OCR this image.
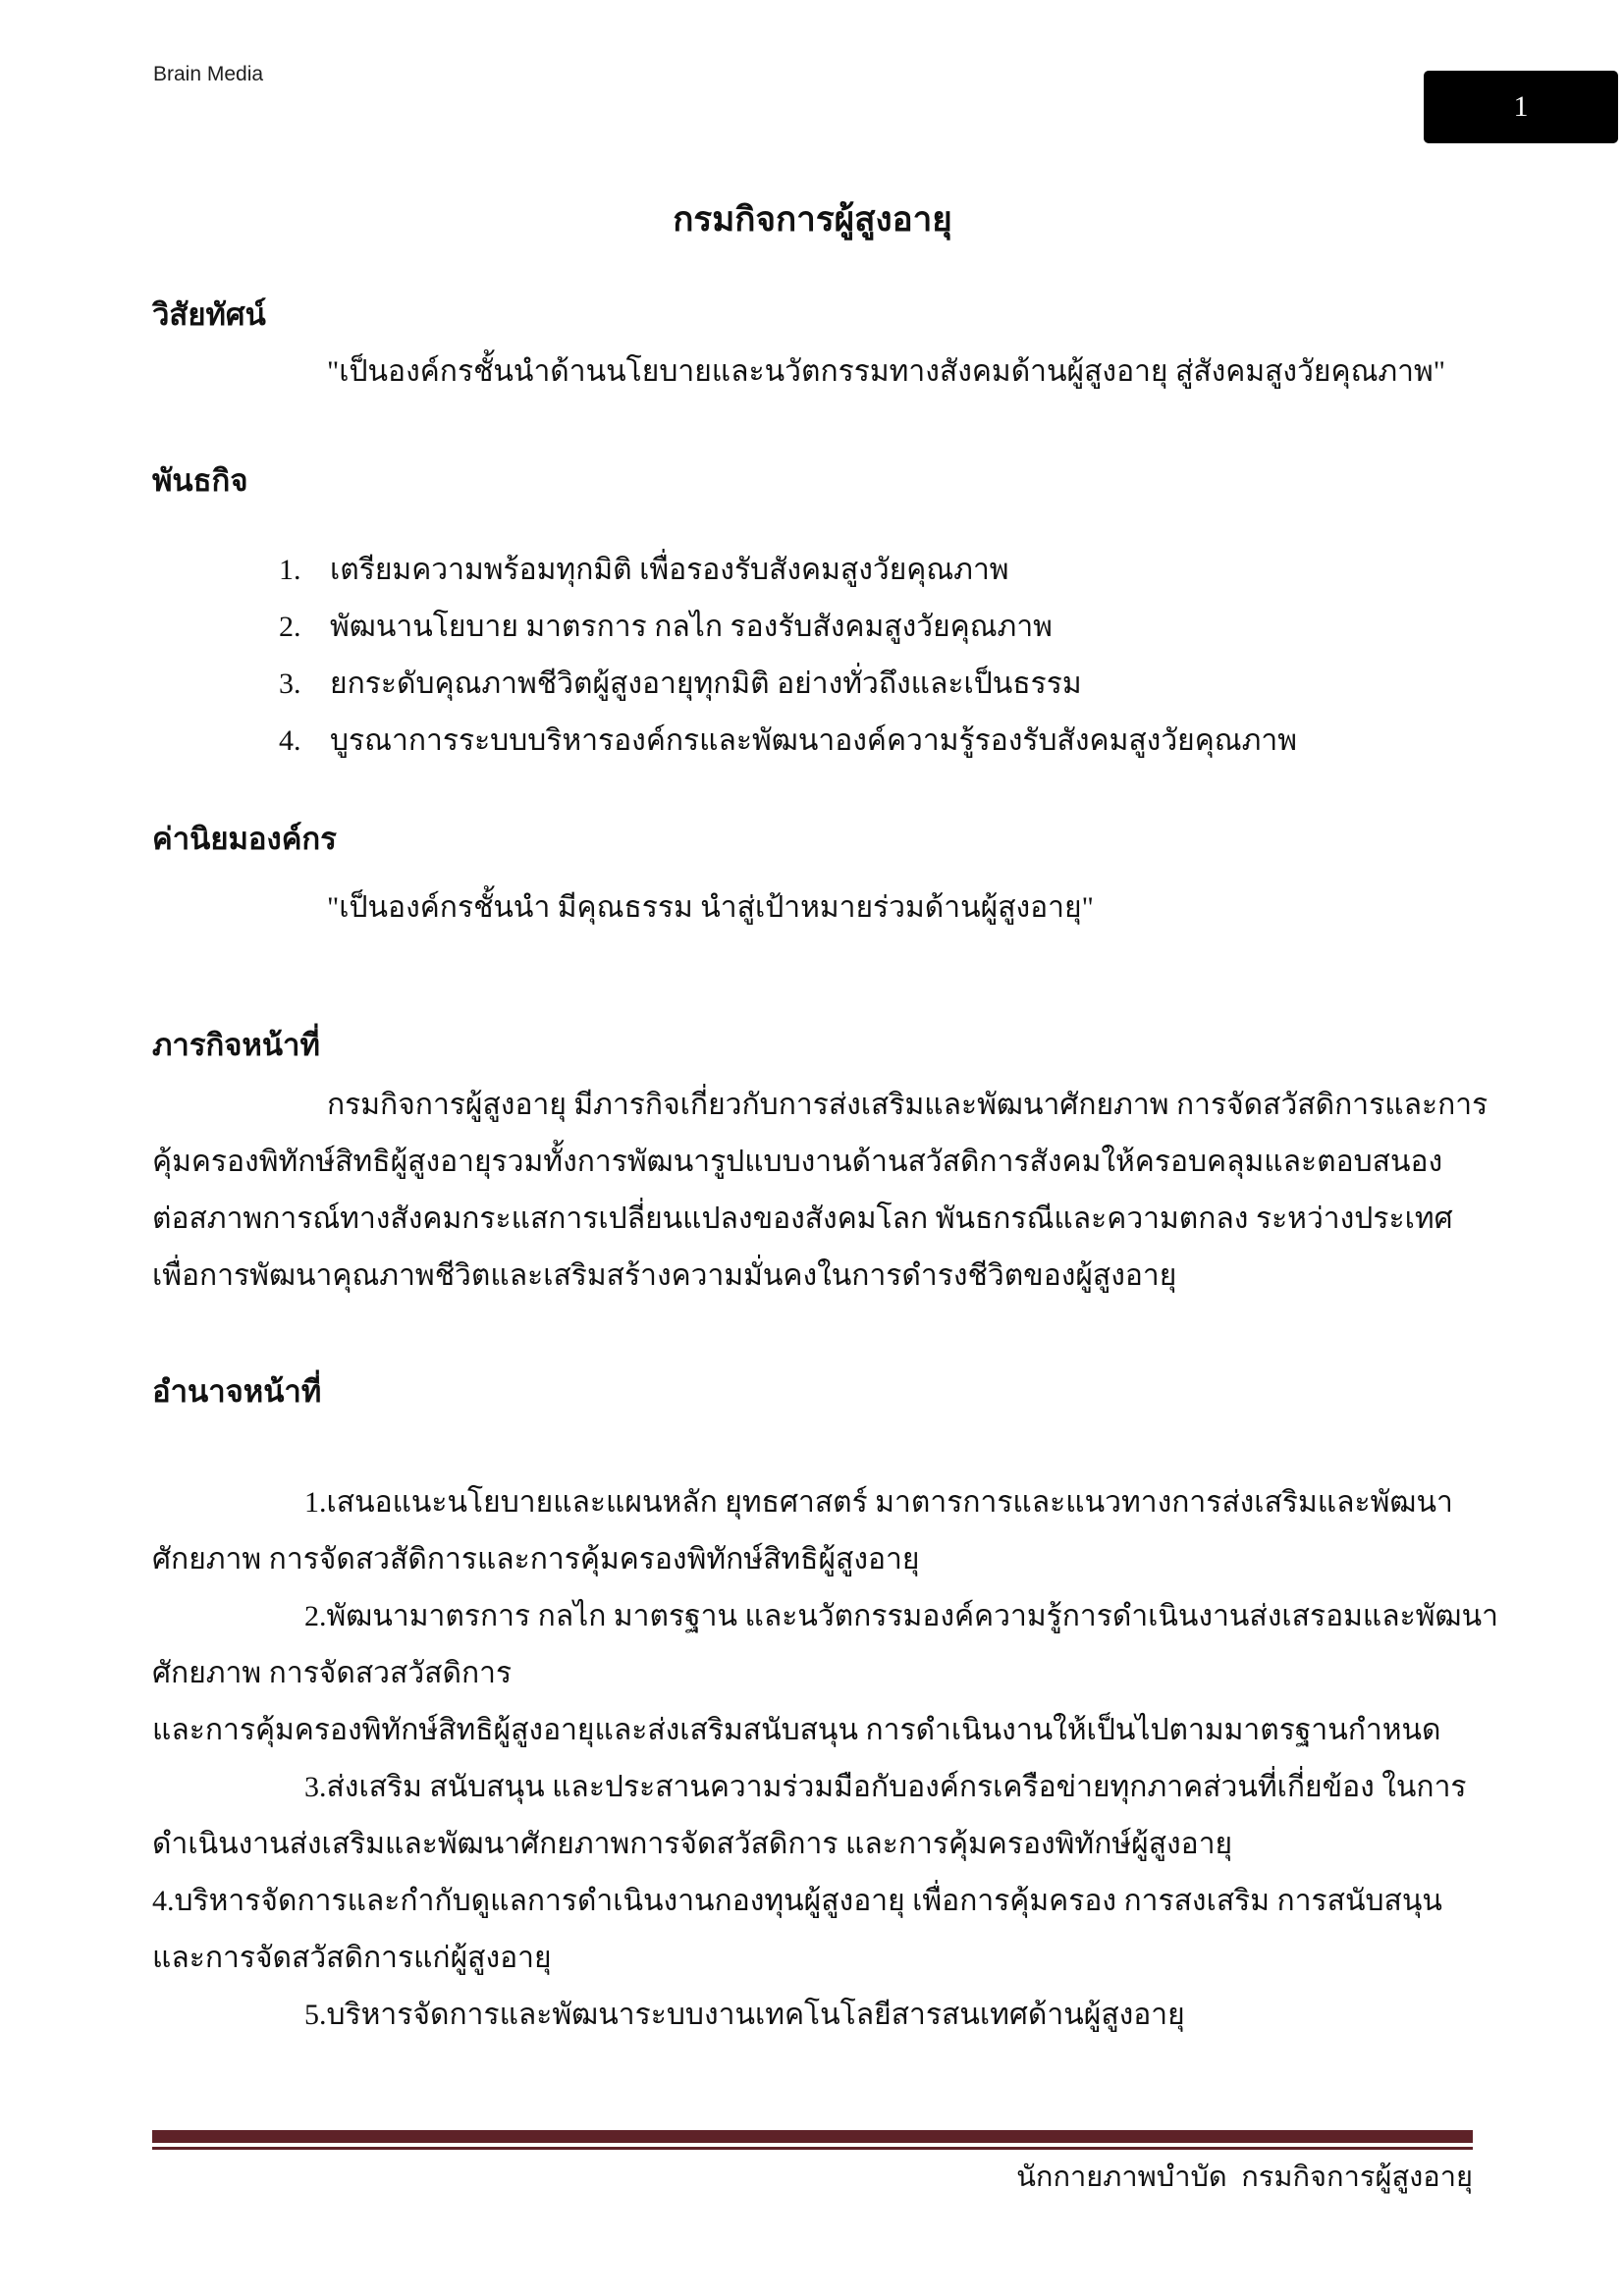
Brain Media
1
กรมกิจการผู้สูงอายุ
วิสัยทัศน์
"เป็นองค์กรชั้นนำด้านนโยบายและนวัตกรรมทางสังคมด้านผู้สูงอายุ สู่สังคมสูงวัยคุณภาพ"
พันธกิจ
1. เตรียมความพร้อมทุกมิติ เพื่อรองรับสังคมสูงวัยคุณภาพ
2. พัฒนานโยบาย มาตรการ กลไก รองรับสังคมสูงวัยคุณภาพ
3. ยกระดับคุณภาพชีวิตผู้สูงอายุทุกมิติ อย่างทั่วถึงและเป็นธรรม
4. บูรณาการระบบบริหารองค์กรและพัฒนาองค์ความรู้รองรับสังคมสูงวัยคุณภาพ
ค่านิยมองค์กร
"เป็นองค์กรชั้นนำ มีคุณธรรม นำสู่เป้าหมายร่วมด้านผู้สูงอายุ"
ภารกิจหน้าที่
กรมกิจการผู้สูงอายุ มีภารกิจเกี่ยวกับการส่งเสริมและพัฒนาศักยภาพ การจัดสวัสดิการและการ
คุ้มครองพิทักษ์สิทธิผู้สูงอายุรวมทั้งการพัฒนารูปแบบงานด้านสวัสดิการสังคมให้ครอบคลุมและตอบสนอง
ต่อสภาพการณ์ทางสังคมกระแสการเปลี่ยนแปลงของสังคมโลก พันธกรณีและความตกลง ระหว่างประเทศ
เพื่อการพัฒนาคุณภาพชีวิตและเสริมสร้างความมั่นคงในการดำรงชีวิตของผู้สูงอายุ
อำนาจหน้าที่
1.เสนอแนะนโยบายและแผนหลัก ยุทธศาสตร์ มาตารการและแนวทางการส่งเสริมและพัฒนา
ศักยภาพ การจัดสวสัดิการและการคุ้มครองพิทักษ์สิทธิผู้สูงอายุ
2.พัฒนามาตรการ กลไก มาตรฐาน และนวัตกรรมองค์ความรู้การดำเนินงานส่งเสรอมและพัฒนา
ศักยภาพ การจัดสวสวัสดิการ
และการคุ้มครองพิทักษ์สิทธิผู้สูงอายุและส่งเสริมสนับสนุน การดำเนินงานให้เป็นไปตามมาตรฐานกำหนด
3.ส่งเสริม สนับสนุน และประสานความร่วมมือกับองค์กรเครือข่ายทุกภาคส่วนที่เกี่ยข้อง ในการ
ดำเนินงานส่งเสริมและพัฒนาศักยภาพการจัดสวัสดิการ และการคุ้มครองพิทักษ์ผู้สูงอายุ
4.บริหารจัดการและกำกับดูแลการดำเนินงานกองทุนผู้สูงอายุ เพื่อการคุ้มครอง การสงเสริม การสนับสนุน
และการจัดสวัสดิการแก่ผู้สูงอายุ
5.บริหารจัดการและพัฒนาระบบงานเทคโนโลยีสารสนเทศด้านผู้สูงอายุ
นักกายภาพบำบัด  กรมกิจการผู้สูงอายุ
